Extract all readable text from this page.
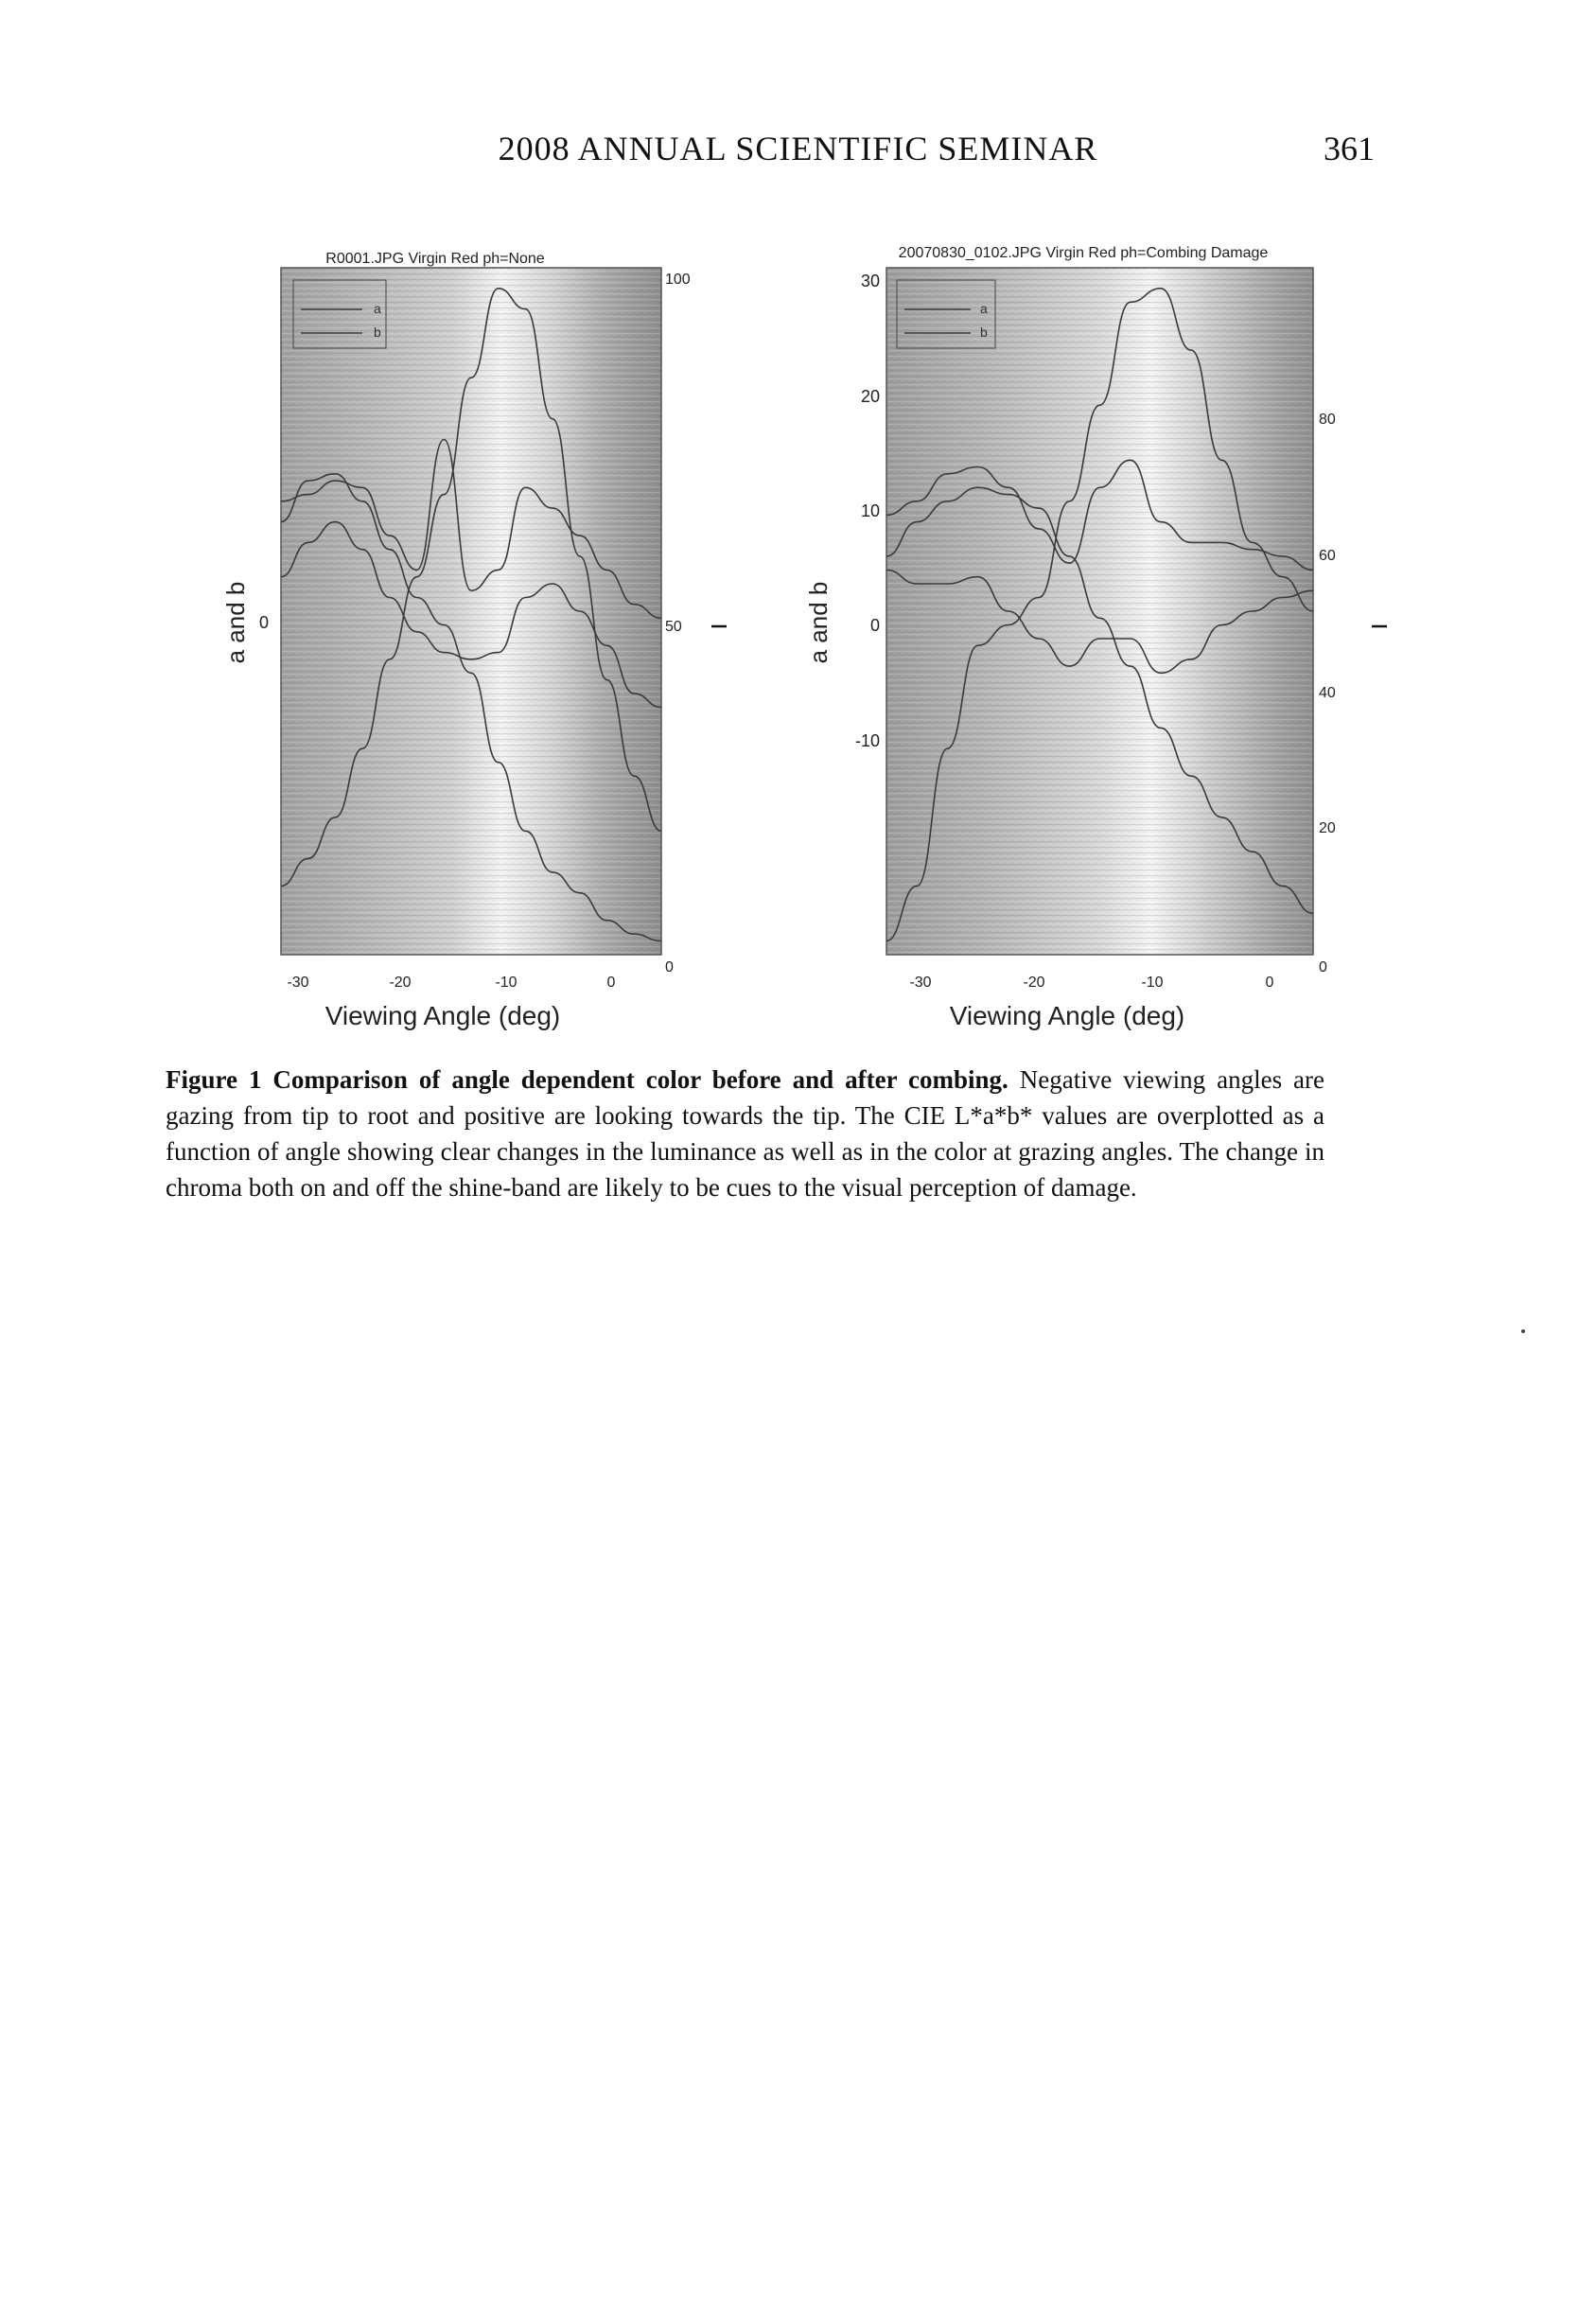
2008 ANNUAL SCIENTIFIC SEMINAR	361
R0001.JPG Virgin Red ph=None
a
b
0
100
50
0
-30	-20	-10	0
a and b
Viewing Angle (deg)
20070830_0102.JPG Virgin Red ph=Combing Damage
a
b
30
20
10
0
-10
80
60
40
20
0
-30	-20	-10	0
a and b
Viewing Angle (deg)
Figure 1 Comparison of angle dependent color before and after combing. Negative viewing angles are gazing from tip to root and positive are looking towards the tip. The CIE L*a*b* values are overplotted as a function of angle showing clear changes in the luminance as well as in the color at grazing angles. The change in chroma both on and off the shine-band are likely to be cues to the visual perception of damage.
